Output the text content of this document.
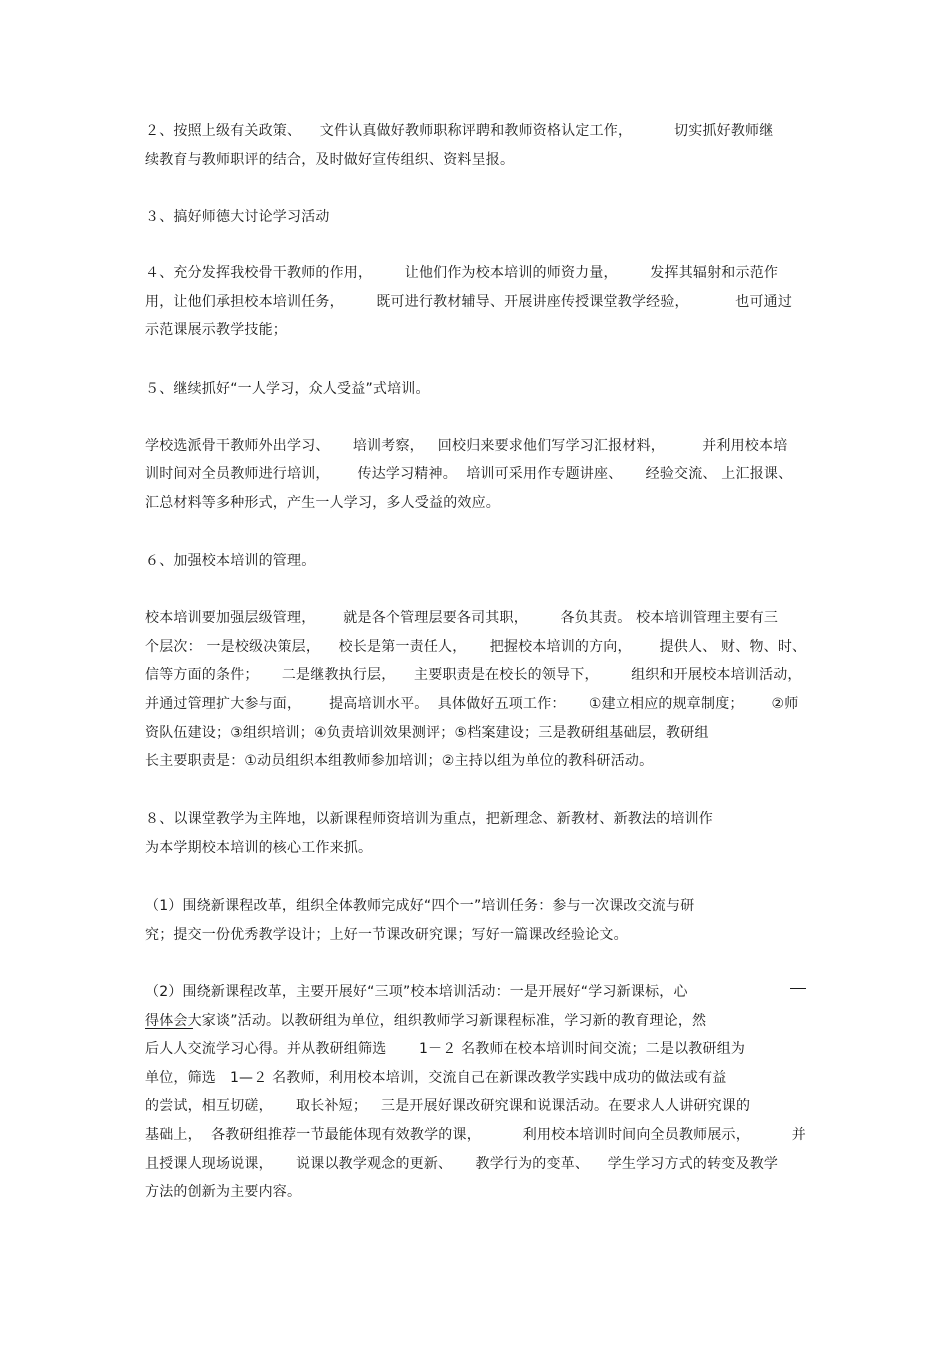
２、按照上级有关政策、    文件认真做好教师职称评聘和教师资格认定工作，         切实抓好教师继
续教育与教师职评的结合，及时做好宣传组织、资料呈报。
３、搞好师德大讨论学习活动
４、充分发挥我校骨干教师的作用，       让他们作为校本培训的师资力量，       发挥其辐射和示范作
用，让他们承担校本培训任务，       既可进行教材辅导、开展讲座传授课堂教学经验，          也可通过
示范课展示教学技能；
５、继续抓好“一人学习，众人受益”式培训。
学校选派骨干教师外出学习、     培训考察，   回校归来要求他们写学习汇报材料，        并利用校本培
训时间对全员教师进行培训，      传达学习精神。  培训可采用作专题讲座、     经验交流、 上汇报课、
汇总材料等多种形式，产生一人学习，多人受益的效应。
６、加强校本培训的管理。
校本培训要加强层级管理，      就是各个管理层要各司其职，       各负其责。 校本培训管理主要有三
个层次： 一是校级决策层，    校长是第一责任人，     把握校本培训的方向，      提供人、 财、物、时、
信等方面的条件；     二是继教执行层，    主要职责是在校长的领导下，       组织和开展校本培训活动，
并通过管理扩大参与面，      提高培训水平。  具体做好五项工作：     ①建立相应的规章制度；      ②师
资队伍建设；③组织培训；④负责培训效果测评；⑤档案建设；三是教研组基础层，教研组
长主要职责是：①动员组织本组教师参加培训；②主持以组为单位的教科研活动。
８、以课堂教学为主阵地，以新课程师资培训为重点，把新理念、新教材、新教法的培训作
为本学期校本培训的核心工作来抓。
（1）围绕新课程改革，组织全体教师完成好“四个一”培训任务：参与一次课改交流与研
究；提交一份优秀教学设计；上好一节课改研究课；写好一篇课改经验论文。
（2）围绕新课程改革，主要开展好“三项”校本培训活动：一是开展好“学习新课标，心
得体会大家谈”活动。以教研组为单位，组织教师学习新课程标准，学习新的教育理论，然
后人人交流学习心得。并从教研组筛选       1－２ 名教师在校本培训时间交流；二是以教研组为
单位，筛选   1—２ 名教师，利用校本培训，交流自己在新课改教学实践中成功的做法或有益
的尝试，相互切磋，     取长补短；   三是开展好课改研究课和说课活动。在要求人人讲研究课的
基础上，  各教研组推荐一节最能体现有效教学的课，         利用校本培训时间向全员教师展示，         并
且授课人现场说课，     说课以教学观念的更新、     教学行为的变革、    学生学习方式的转变及教学
方法的创新为主要内容。
